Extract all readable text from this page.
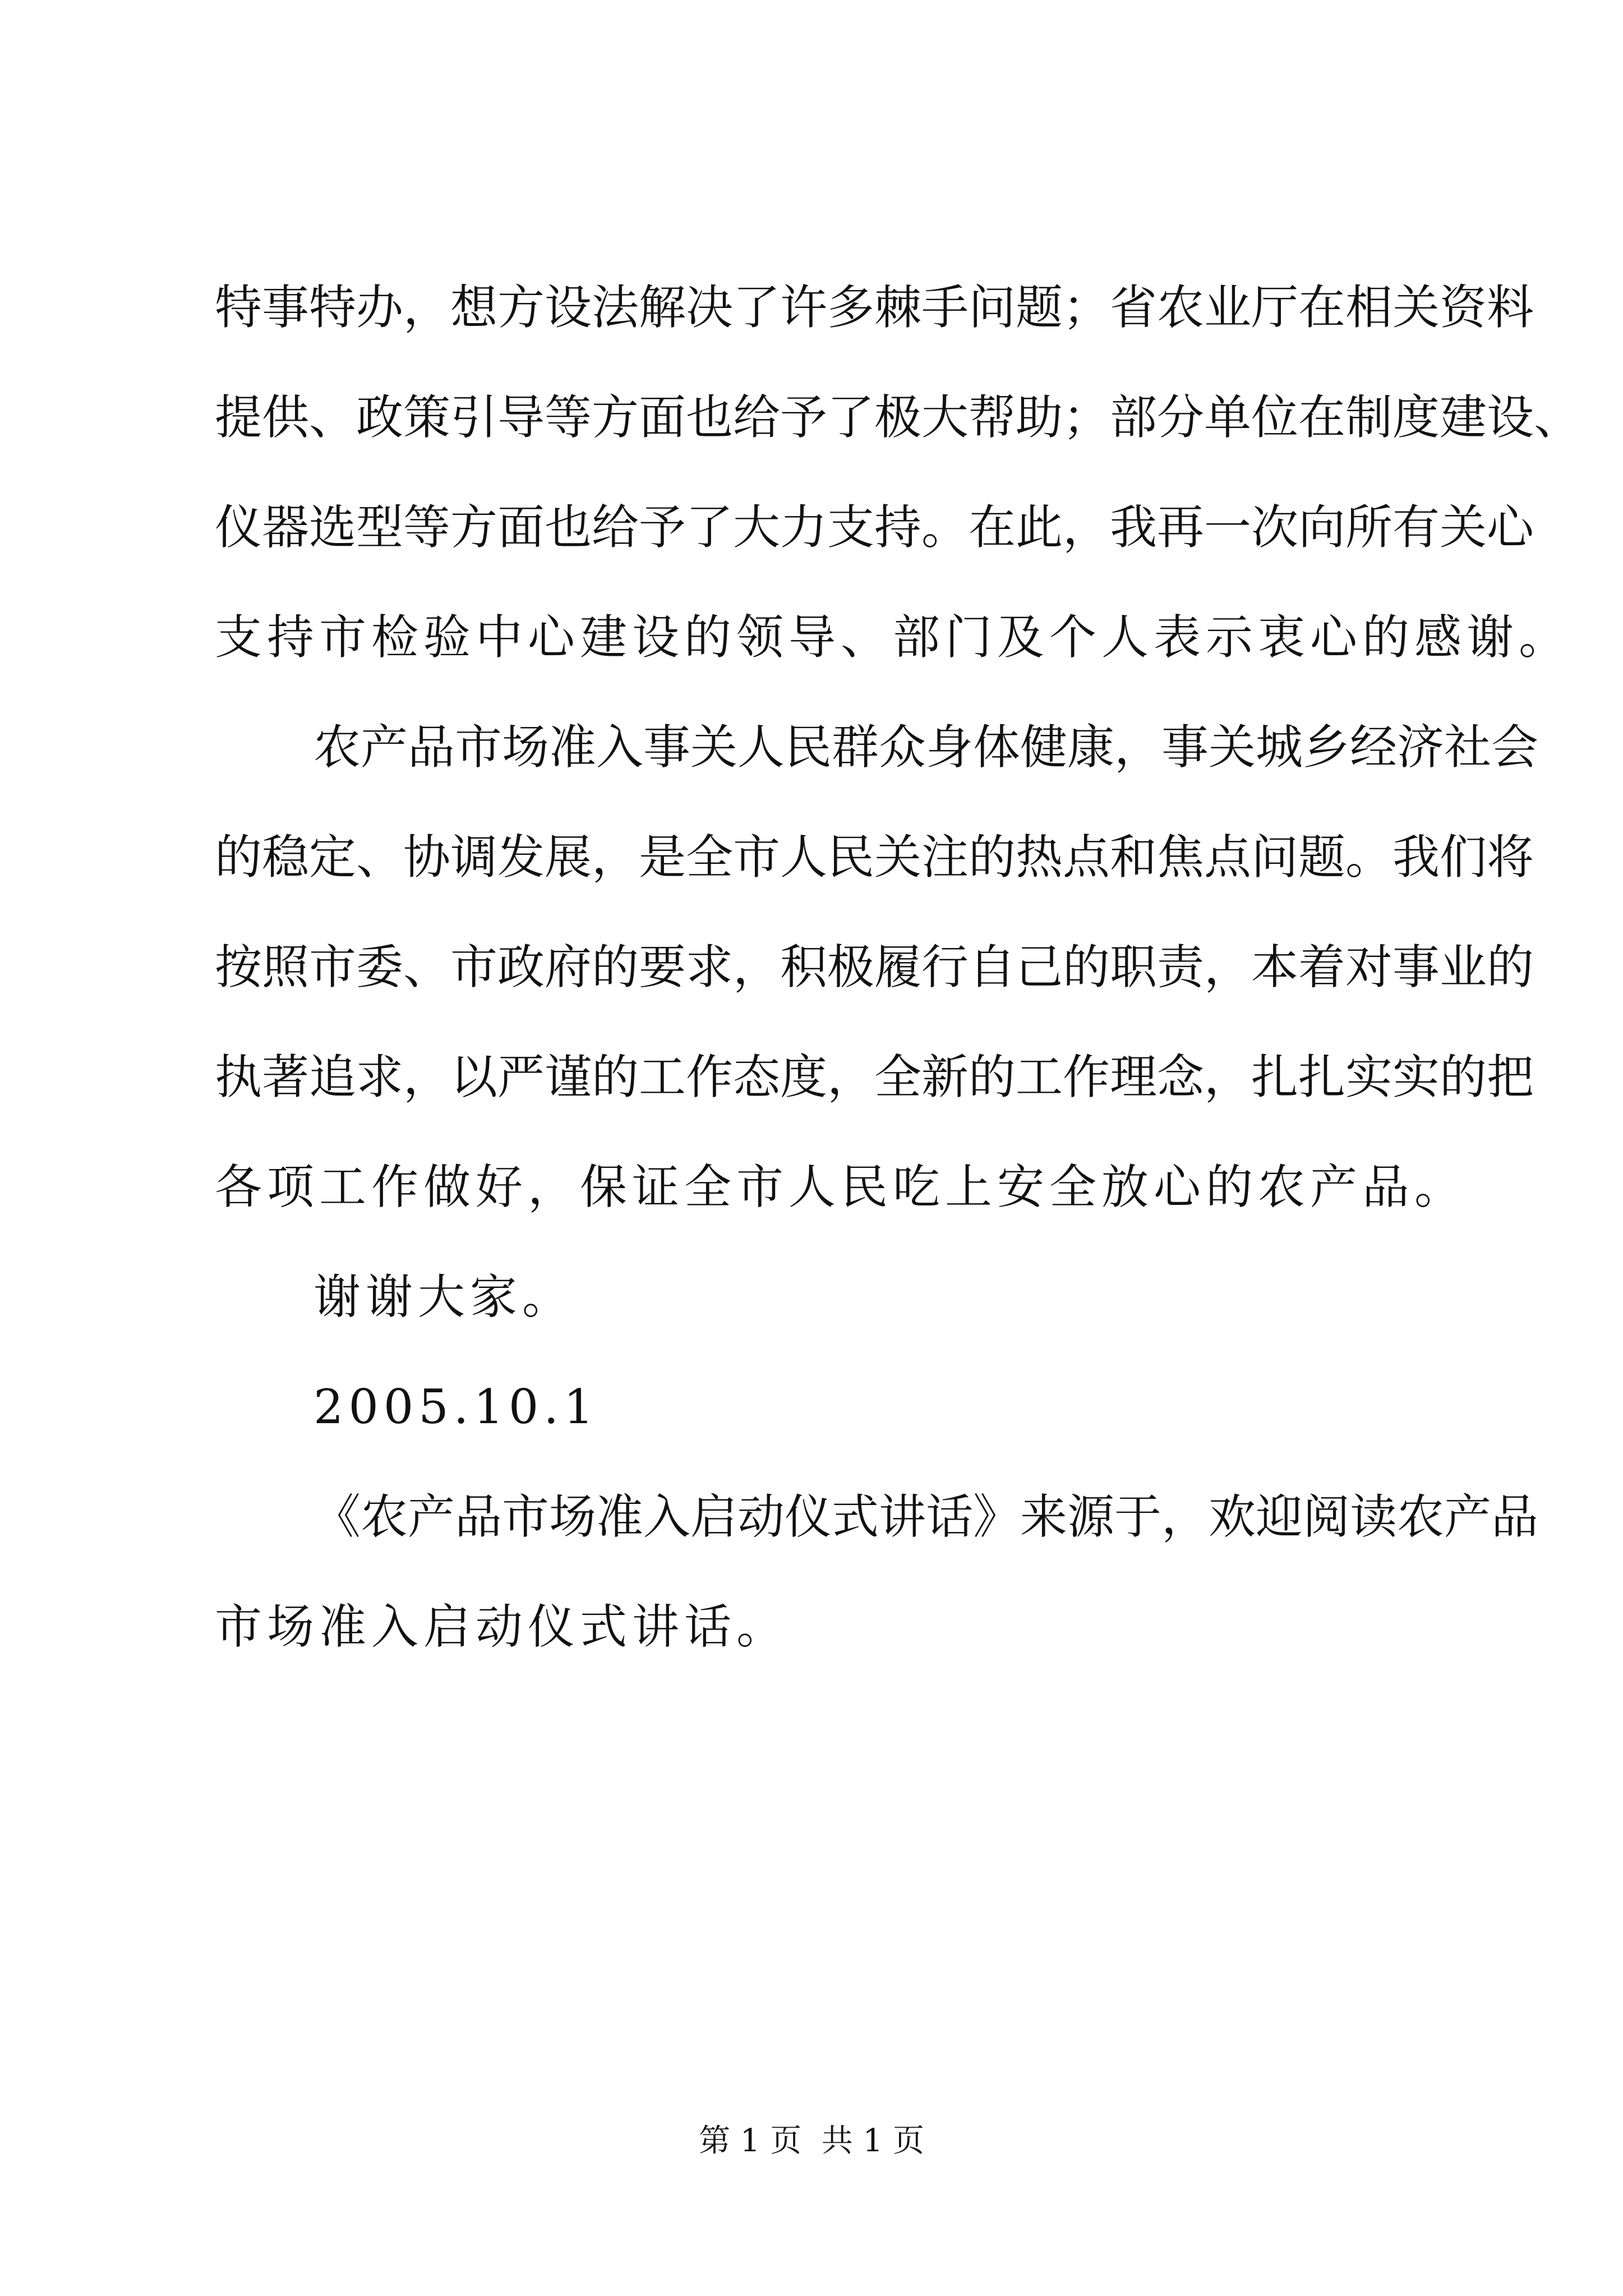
特事特办，想方设法解决了许多棘手问题；省农业厅在相关资料
提供、政策引导等方面也给予了极大帮助；部分单位在制度建设、
仪器选型等方面也给予了大力支持。在此，我再一次向所有关心
支持市检验中心建设的领导、部门及个人表示衷心的感谢。
农产品市场准入事关人民群众身体健康，事关城乡经济社会
的稳定、协调发展，是全市人民关注的热点和焦点问题。我们将
按照市委、市政府的要求，积极履行自己的职责，本着对事业的
执著追求，以严谨的工作态度，全新的工作理念，扎扎实实的把
各项工作做好，保证全市人民吃上安全放心的农产品。
谢谢大家。
2005.10.1
《农产品市场准入启动仪式讲话》来源于，欢迎阅读农产品
市场准入启动仪式讲话。
第 1 页  共 1 页
